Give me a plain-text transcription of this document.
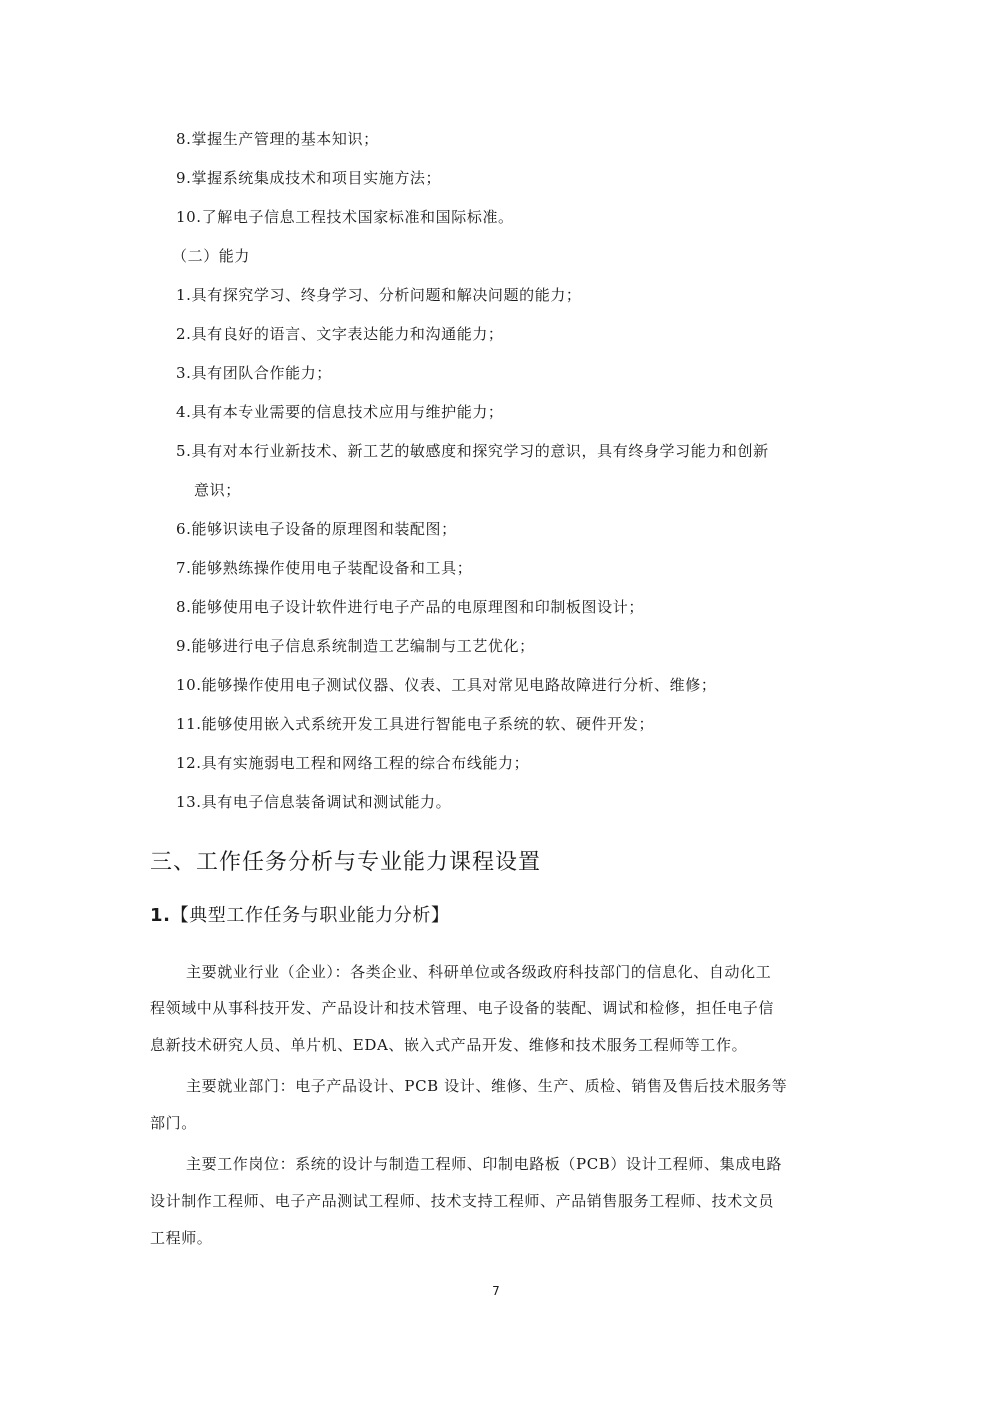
8.掌握生产管理的基本知识；
9.掌握系统集成技术和项目实施方法；
10.了解电子信息工程技术国家标准和国际标准。
（二）能力
1.具有探究学习、终身学习、分析问题和解决问题的能力；
2.具有良好的语言、文字表达能力和沟通能力；
3.具有团队合作能力；
4.具有本专业需要的信息技术应用与维护能力；
5.具有对本行业新技术、新工艺的敏感度和探究学习的意识，具有终身学习能力和创新
意识；
6.能够识读电子设备的原理图和装配图；
7.能够熟练操作使用电子装配设备和工具；
8.能够使用电子设计软件进行电子产品的电原理图和印制板图设计；
9.能够进行电子信息系统制造工艺编制与工艺优化；
10.能够操作使用电子测试仪器、仪表、工具对常见电路故障进行分析、维修；
11.能够使用嵌入式系统开发工具进行智能电子系统的软、硬件开发；
12.具有实施弱电工程和网络工程的综合布线能力；
13.具有电子信息装备调试和测试能力。
三、工作任务分析与专业能力课程设置
1.【典型工作任务与职业能力分析】
主要就业行业（企业）：各类企业、科研单位或各级政府科技部门的信息化、自动化工
程领域中从事科技开发、产品设计和技术管理、电子设备的装配、调试和检修，担任电子信
息新技术研究人员、单片机、EDA、嵌入式产品开发、维修和技术服务工程师等工作。
主要就业部门：电子产品设计、PCB 设计、维修、生产、质检、销售及售后技术服务等
部门。
主要工作岗位：系统的设计与制造工程师、印制电路板（PCB）设计工程师、集成电路
设计制作工程师、电子产品测试工程师、技术支持工程师、产品销售服务工程师、技术文员
工程师。
7
